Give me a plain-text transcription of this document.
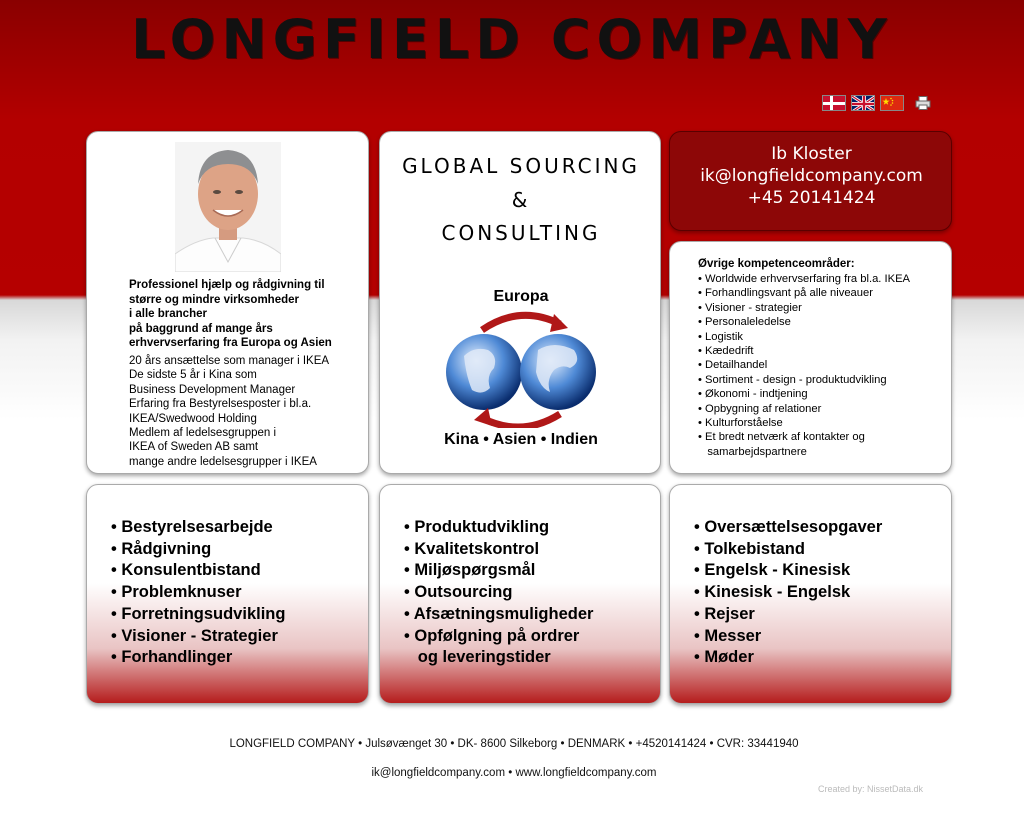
LONGFIELD COMPANY
Professionel hjælp og rådgivning til
større og mindre virksomheder
i alle brancher
på baggrund af mange års
erhvervserfaring fra Europa og Asien
20 års ansættelse som manager i IKEA
De sidste 5 år i Kina som
Business Development Manager
Erfaring fra Bestyrelsesposter i bl.a.
IKEA/Swedwood Holding
Medlem af ledelsesgruppen i
IKEA of Sweden AB samt
mange andre ledelsesgrupper i IKEA
GLOBAL SOURCING
&
CONSULTING
Europa
Kina • Asien • Indien
Ib Kloster
ik@longfieldcompany.com
+45 20141424
Øvrige kompetenceområder:
• Worldwide erhvervserfaring fra bl.a. IKEA
• Forhandlingsvant på alle niveauer
• Visioner - strategier
• Personaleledelse
• Logistik
• Kædedrift
• Detailhandel
• Sortiment - design - produktudvikling
• Økonomi - indtjening
• Opbygning af relationer
• Kulturforståelse
• Et bredt netværk af kontakter og
samarbejdspartnere
• Bestyrelsesarbejde
• Rådgivning
• Konsulentbistand
• Problemknuser
• Forretningsudvikling
• Visioner - Strategier
• Forhandlinger
• Produktudvikling
• Kvalitetskontrol
• Miljøspørgsmål
• Outsourcing
• Afsætningsmuligheder
• Opfølgning på ordrer
og leveringstider
• Oversættelsesopgaver
• Tolkebistand
• Engelsk - Kinesisk
• Kinesisk - Engelsk
• Rejser
• Messer
• Møder
LONGFIELD COMPANY • Julsøvænget 30 • DK- 8600 Silkeborg • DENMARK • +4520141424 • CVR: 33441940
ik@longfieldcompany.com • www.longfieldcompany.com
Created by: NissetData.dk
